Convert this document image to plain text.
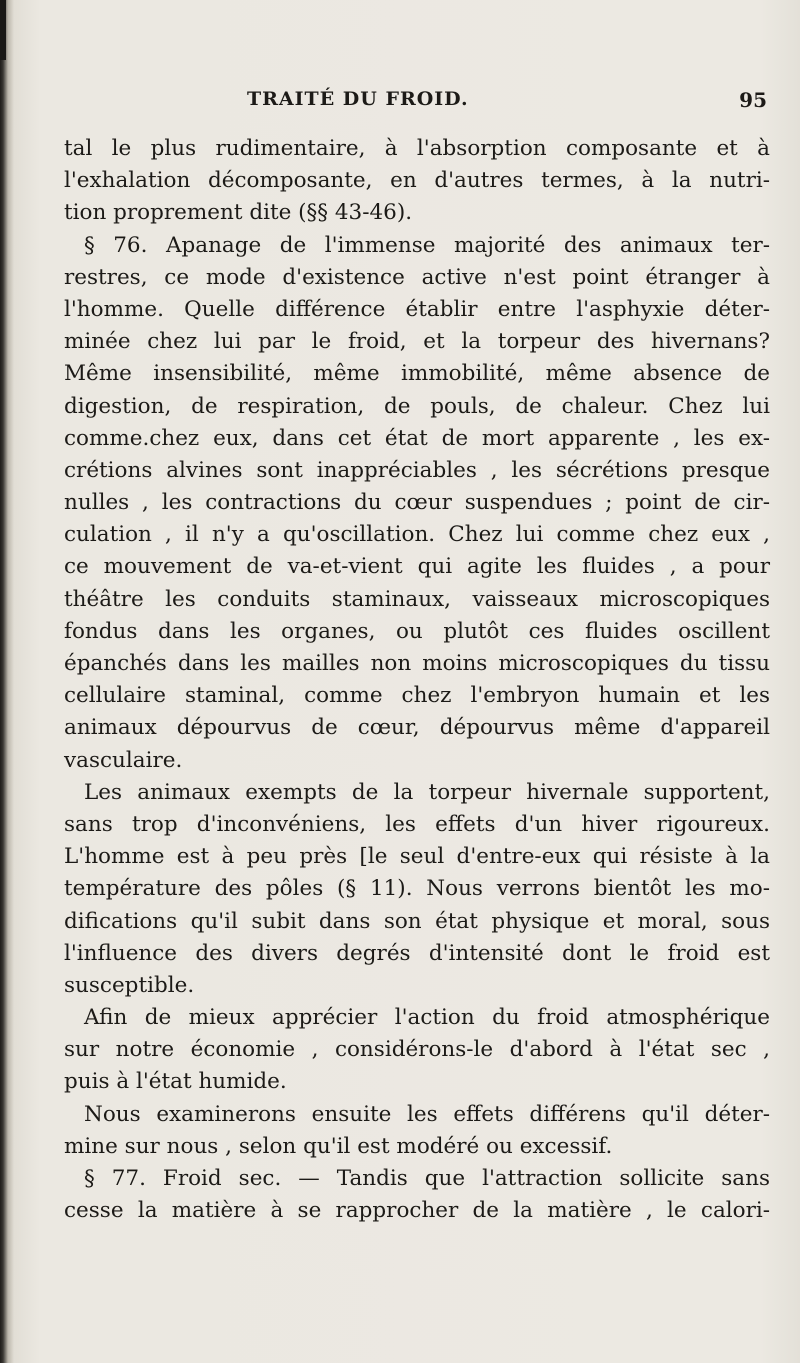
TRAITÉ DU FROID.	95
tal le plus rudimentaire, à l'absorption composante et à
l'exhalation décomposante, en d'autres termes, à la nutri-
tion proprement dite (§§ 43-46).
§ 76. Apanage de l'immense majorité des animaux ter-
restres, ce mode d'existence active n'est point étranger à
l'homme. Quelle différence établir entre l'asphyxie déter-
minée chez lui par le froid, et la torpeur des hivernans?
Même insensibilité, même immobilité, même absence de
digestion, de respiration, de pouls, de chaleur. Chez lui
comme.chez eux, dans cet état de mort apparente , les ex-
crétions alvines sont inappréciables , les sécrétions presque
nulles , les contractions du cœur suspendues ; point de cir-
culation , il n'y a qu'oscillation. Chez lui comme chez eux ,
ce mouvement de va-et-vient qui agite les fluides , a pour
théâtre les conduits staminaux, vaisseaux microscopiques
fondus dans les organes, ou plutôt ces fluides oscillent
épanchés dans les mailles non moins microscopiques du tissu
cellulaire staminal, comme chez l'embryon humain et les
animaux dépourvus de cœur, dépourvus même d'appareil
vasculaire.
Les animaux exempts de la torpeur hivernale supportent,
sans trop d'inconvéniens, les effets d'un hiver rigoureux.
L'homme est à peu près [le seul d'entre-eux qui résiste à la
température des pôles (§ 11). Nous verrons bientôt les mo-
difications qu'il subit dans son état physique et moral, sous
l'influence des divers degrés d'intensité dont le froid est
susceptible.
Afin de mieux apprécier l'action du froid atmosphérique
sur notre économie , considérons-le d'abord à l'état sec ,
puis à l'état humide.
Nous examinerons ensuite les effets différens qu'il déter-
mine sur nous , selon qu'il est modéré ou excessif.
§ 77. Froid sec. — Tandis que l'attraction sollicite sans
cesse la matière à se rapprocher de la matière , le calori-
